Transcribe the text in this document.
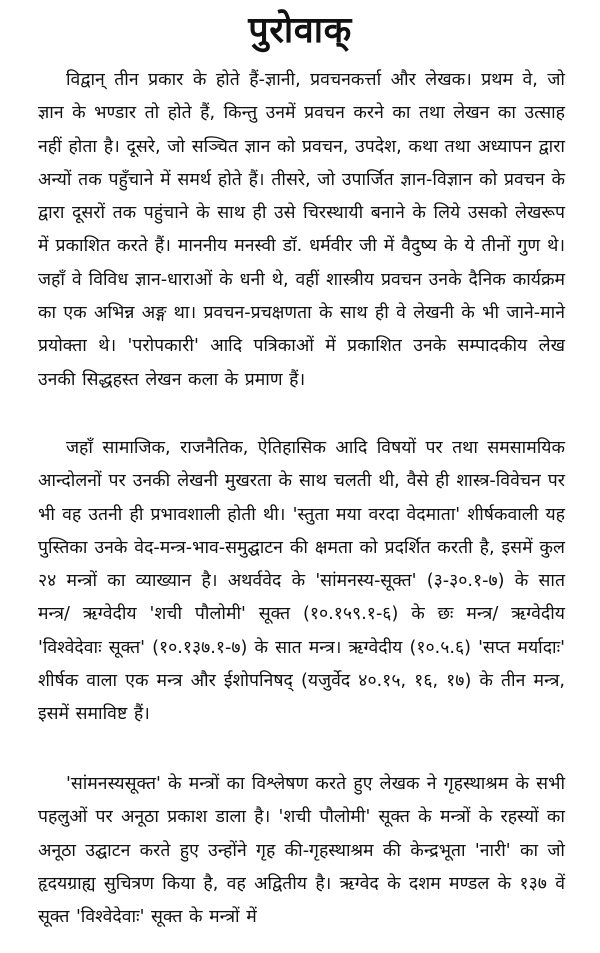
पुरोवाक्

विद्वान् तीन प्रकार के होते हैं-ज्ञानी, प्रवचनकर्त्ता और लेखक। प्रथम वे, जो ज्ञान के भण्डार तो होते हैं, किन्तु उनमें प्रवचन करने का तथा लेखन का उत्साह नहीं होता है। दूसरे, जो सञ्चित ज्ञान को प्रवचन, उपदेश, कथा तथा अध्यापन द्वारा अन्यों तक पहुँचाने में समर्थ होते हैं। तीसरे, जो उपार्जित ज्ञान-विज्ञान को प्रवचन के द्वारा दूसरों तक पहुंचाने के साथ ही उसे चिरस्थायी बनाने के लिये उसको लेखरूप में प्रकाशित करते हैं। माननीय मनस्वी डॉ. धर्मवीर जी में वैदुष्य के ये तीनों गुण थे। जहाँ वे विविध ज्ञान-धाराओं के धनी थे, वहीं शास्त्रीय प्रवचन उनके दैनिक कार्यक्रम का एक अभिन्न अङ्ग था। प्रवचन-प्रचक्षणता के साथ ही वे लेखनी के भी जाने-माने प्रयोक्ता थे। 'परोपकारी' आदि पत्रिकाओं में प्रकाशित उनके सम्पादकीय लेख उनकी सिद्धहस्त लेखन कला के प्रमाण हैं।

जहाँ सामाजिक, राजनैतिक, ऐतिहासिक आदि विषयों पर तथा समसामयिक आन्दोलनों पर उनकी लेखनी मुखरता के साथ चलती थी, वैसे ही शास्त्र-विवेचन पर भी वह उतनी ही प्रभावशाली होती थी। 'स्तुता मया वरदा वेदमाता' शीर्षकवाली यह पुस्तिका उनके वेद-मन्त्र-भाव-समुद्घाटन की क्षमता को प्रदर्शित करती है, इसमें कुल २४ मन्त्रों का व्याख्यान है। अथर्ववेद के 'सांमनस्य-सूक्त' (३-३०.१-७) के सात मन्त्र/ ऋग्वेदीय 'शची पौलोमी' सूक्त (१०.१५९.१-६) के छः मन्त्र/ ऋग्वेदीय 'विश्वेदेवाः सूक्त' (१०.१३७.१-७) के सात मन्त्र। ऋग्वेदीय (१०.५.६) 'सप्त मर्यादाः' शीर्षक वाला एक मन्त्र और ईशोपनिषद् (यजुर्वेद ४०.१५, १६, १७) के तीन मन्त्र, इसमें समाविष्ट हैं।

'सांमनस्यसूक्त' के मन्त्रों का विश्लेषण करते हुए लेखक ने गृहस्थाश्रम के सभी पहलुओं पर अनूठा प्रकाश डाला है। 'शची पौलोमी' सूक्त के मन्त्रों के रहस्यों का अनूठा उद्घाटन करते हुए उन्होंने गृह की-गृहस्थाश्रम की केन्द्रभूता 'नारी' का जो हृदयग्राह्य सुचित्रण किया है, वह अद्वितीय है। ऋग्वेद के दशम मण्डल के १३७ वें सूक्त 'विश्वेदेवाः' सूक्त के मन्त्रों में
